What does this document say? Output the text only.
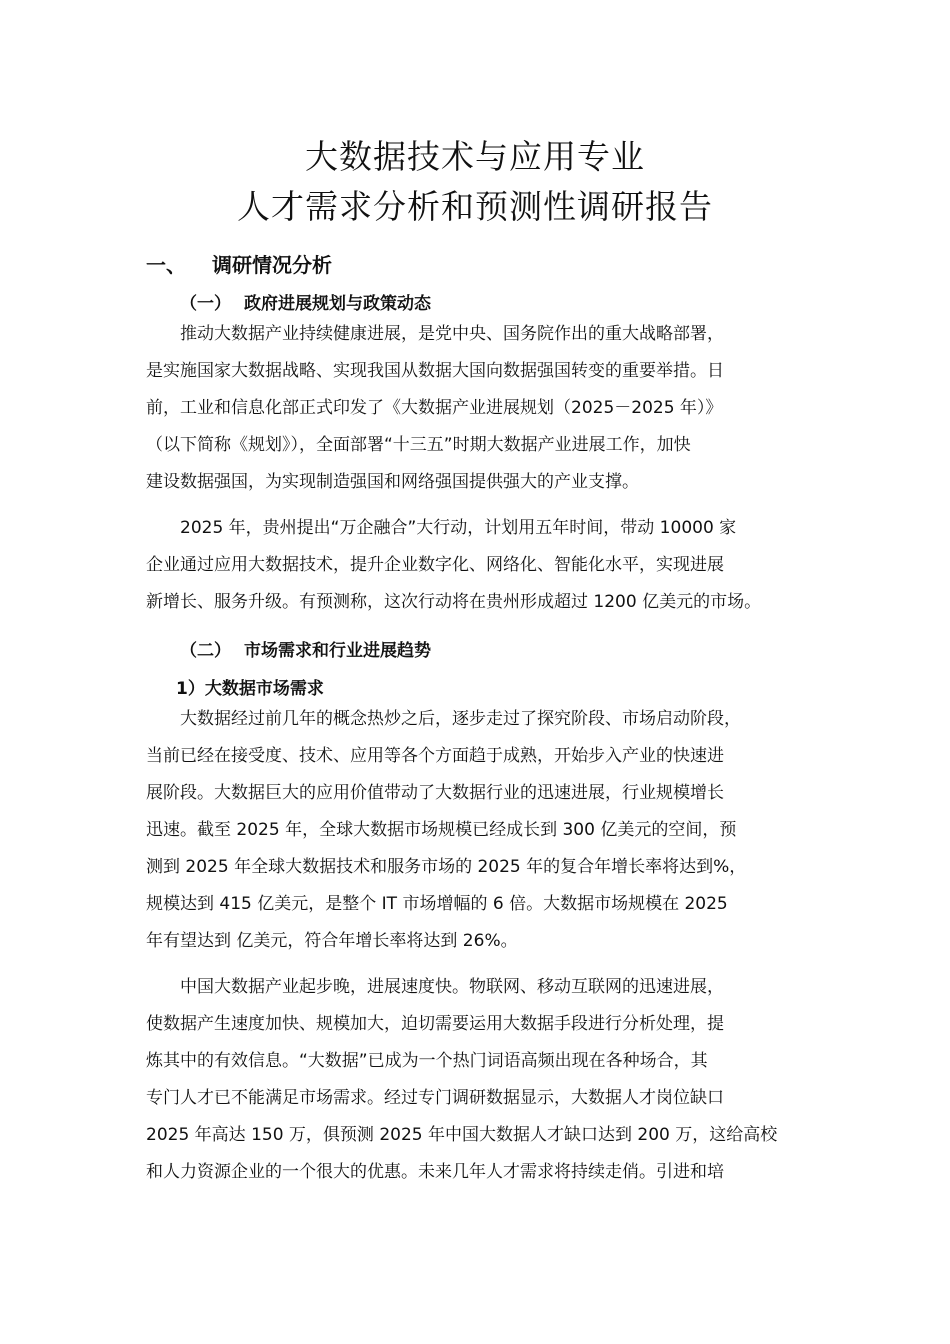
大数据技术与应用专业
人才需求分析和预测性调研报告
一、 调研情况分析
（一） 政府进展规划与政策动态
推动大数据产业持续健康进展，是党中央、国务院作出的重大战略部署，
是实施国家大数据战略、实现我国从数据大国向数据强国转变的重要举措。日
前，工业和信息化部正式印发了《大数据产业进展规划（2025－2025 年）》
（以下简称《规划》），全面部署“十三五”时期大数据产业进展工作，加快
建设数据强国，为实现制造强国和网络强国提供强大的产业支撑。
2025 年，贵州提出“万企融合”大行动，计划用五年时间，带动 10000 家
企业通过应用大数据技术，提升企业数字化、网络化、智能化水平，实现进展
新增长、服务升级。有预测称，这次行动将在贵州形成超过 1200 亿美元的市场。
（二） 市场需求和行业进展趋势
1）大数据市场需求
大数据经过前几年的概念热炒之后，逐步走过了探究阶段、市场启动阶段，
当前已经在接受度、技术、应用等各个方面趋于成熟，开始步入产业的快速进
展阶段。大数据巨大的应用价值带动了大数据行业的迅速进展，行业规模增长
迅速。截至 2025 年，全球大数据市场规模已经成长到 300 亿美元的空间，预
测到 2025 年全球大数据技术和服务市场的 2025 年的复合年增长率将达到%，
规模达到 415 亿美元，是整个 IT 市场增幅的 6 倍。大数据市场规模在 2025
年有望达到 亿美元，符合年增长率将达到 26%。
中国大数据产业起步晚，进展速度快。物联网、移动互联网的迅速进展，
使数据产生速度加快、规模加大，迫切需要运用大数据手段进行分析处理，提
炼其中的有效信息。“大数据”已成为一个热门词语高频出现在各种场合，其
专门人才已不能满足市场需求。经过专门调研数据显示，大数据人才岗位缺口
2025 年高达 150 万，俱预测 2025 年中国大数据人才缺口达到 200 万，这给高校
和人力资源企业的一个很大的优惠。未来几年人才需求将持续走俏。引进和培
